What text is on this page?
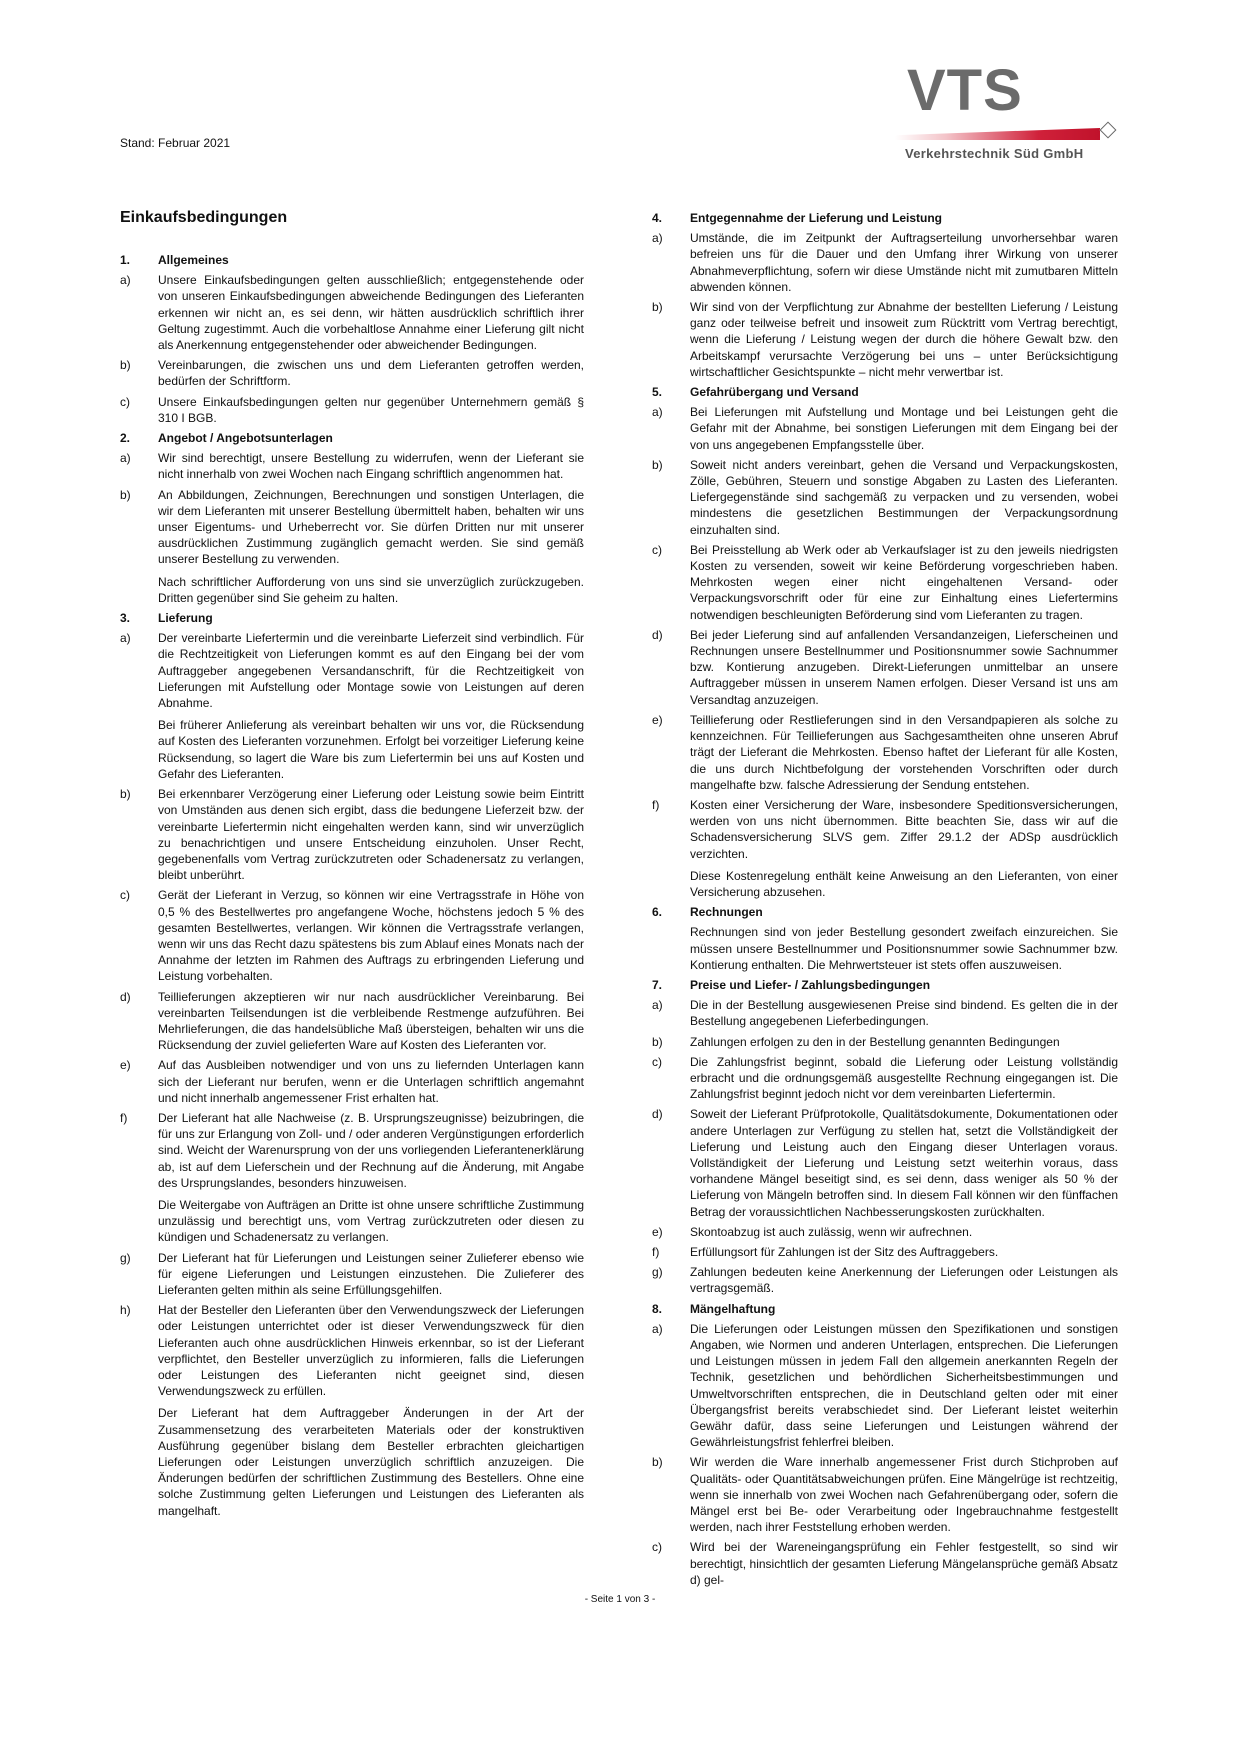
Stand: Februar 2021
VTS
Verkehrstechnik Süd GmbH
Einkaufsbedingungen
1.	Allgemeines
a)	Unsere Einkaufsbedingungen gelten ausschließlich; entgegenstehende oder von unseren Einkaufsbedingungen abweichende Bedingungen des Lieferanten erkennen wir nicht an, es sei denn, wir hätten ausdrücklich schriftlich ihrer Geltung zugestimmt. Auch die vorbehaltlose Annahme einer Lieferung gilt nicht als Anerkennung entgegenstehender oder abweichender Bedingungen.

b)	Vereinbarungen, die zwischen uns und dem Lieferanten getroffen werden, bedürfen der Schriftform.

c)	Unsere Einkaufsbedingungen gelten nur gegenüber Unternehmern gemäß § 310 I BGB.

2.	Angebot / Angebotsunterlagen
a)	Wir sind berechtigt, unsere Bestellung zu widerrufen, wenn der Lieferant sie nicht innerhalb von zwei Wochen nach Eingang schriftlich angenommen hat.

b)	An Abbildungen, Zeichnungen, Berechnungen und sonstigen Unterlagen, die wir dem Lieferanten mit unserer Bestellung übermittelt haben, behalten wir uns unser Eigentums- und Urheberrecht vor. Sie dürfen Dritten nur mit unserer ausdrücklichen Zustimmung zugänglich gemacht werden. Sie sind gemäß unserer Bestellung zu verwenden.

Nach schriftlicher Aufforderung von uns sind sie unverzüglich zurückzugeben. Dritten gegenüber sind Sie geheim zu halten.

3.	Lieferung
a)	Der vereinbarte Liefertermin und die vereinbarte Lieferzeit sind verbindlich. Für die Rechtzeitigkeit von Lieferungen kommt es auf den Eingang bei der vom Auftraggeber angegebenen Versandanschrift, für die Rechtzeitigkeit von Lieferungen mit Aufstellung oder Montage sowie von Leistungen auf deren Abnahme.

Bei früherer Anlieferung als vereinbart behalten wir uns vor, die Rücksendung auf Kosten des Lieferanten vorzunehmen. Erfolgt bei vorzeitiger Lieferung keine Rücksendung, so lagert die Ware bis zum Liefertermin bei uns auf Kosten und Gefahr des Lieferanten.

b)	Bei erkennbarer Verzögerung einer Lieferung oder Leistung sowie beim Eintritt von Umständen aus denen sich ergibt, dass die bedungene Lieferzeit bzw. der vereinbarte Liefertermin nicht eingehalten werden kann, sind wir unverzüglich zu benachrichtigen und unsere Entscheidung einzuholen. Unser Recht, gegebenenfalls vom Vertrag zurückzutreten oder Schadenersatz zu verlangen, bleibt unberührt.

c)	Gerät der Lieferant in Verzug, so können wir eine Vertragsstrafe in Höhe von 0,5 % des Bestellwertes pro angefangene Woche, höchstens jedoch 5 % des gesamten Bestellwertes, verlangen. Wir können die Vertragsstrafe verlangen, wenn wir uns das Recht dazu spätestens bis zum Ablauf eines Monats nach der Annahme der letzten im Rahmen des Auftrags zu erbringenden Lieferung und Leistung vorbehalten.

d)	Teillieferungen akzeptieren wir nur nach ausdrücklicher Vereinbarung. Bei vereinbarten Teilsendungen ist die verbleibende Restmenge aufzuführen. Bei Mehrlieferungen, die das handelsübliche Maß übersteigen, behalten wir uns die Rücksendung der zuviel gelieferten Ware auf Kosten des Lieferanten vor.

e)	Auf das Ausbleiben notwendiger und von uns zu liefernden Unterlagen kann sich der Lieferant nur berufen, wenn er die Unterlagen schriftlich angemahnt und nicht innerhalb angemessener Frist erhalten hat.

f)	Der Lieferant hat alle Nachweise (z. B. Ursprungszeugnisse) beizubringen, die für uns zur Erlangung von Zoll- und / oder anderen Vergünstigungen erforderlich sind. Weicht der Warenursprung von der uns vorliegenden Lieferantenerklärung ab, ist auf dem Lieferschein und der Rechnung auf die Änderung, mit Angabe des Ursprungslandes, besonders hinzuweisen.

Die Weitergabe von Aufträgen an Dritte ist ohne unsere schriftliche Zustimmung unzulässig und berechtigt uns, vom Vertrag zurückzutreten oder diesen zu kündigen und Schadenersatz zu verlangen.

g)	Der Lieferant hat für Lieferungen und Leistungen seiner Zulieferer ebenso wie für eigene Lieferungen und Leistungen einzustehen. Die Zulieferer des Lieferanten gelten mithin als seine Erfüllungsgehilfen.

h)	Hat der Besteller den Lieferanten über den Verwendungszweck der Lieferungen oder Leistungen unterrichtet oder ist dieser Verwendungszweck für dien Lieferanten auch ohne ausdrücklichen Hinweis erkennbar, so ist der Lieferant verpflichtet, den Besteller unverzüglich zu informieren, falls die Lieferungen oder Leistungen des Lieferanten nicht geeignet sind, diesen Verwendungszweck zu erfüllen.

Der Lieferant hat dem Auftraggeber Änderungen in der Art der Zusammensetzung des verarbeiteten Materials oder der konstruktiven Ausführung gegenüber bislang dem Besteller erbrachten gleichartigen Lieferungen oder Leistungen unverzüglich schriftlich anzuzeigen. Die Änderungen bedürfen der schriftlichen Zustimmung des Bestellers. Ohne eine solche Zustimmung gelten Lieferungen und Leistungen des Lieferanten als mangelhaft.

4.	Entgegennahme der Lieferung und Leistung
a)	Umstände, die im Zeitpunkt der Auftragserteilung unvorhersehbar waren befreien uns für die Dauer und den Umfang ihrer Wirkung von unserer Abnahmeverpflichtung, sofern wir diese Umstände nicht mit zumutbaren Mitteln abwenden können.

b)	Wir sind von der Verpflichtung zur Abnahme der bestellten Lieferung / Leistung ganz oder teilweise befreit und insoweit zum Rücktritt vom Vertrag berechtigt, wenn die Lieferung / Leistung wegen der durch die höhere Gewalt bzw. den Arbeitskampf verursachte Verzögerung bei uns – unter Berücksichtigung wirtschaftlicher Gesichtspunkte – nicht mehr verwertbar ist.

5.	Gefahrübergang und Versand
a)	Bei Lieferungen mit Aufstellung und Montage und bei Leistungen geht die Gefahr mit der Abnahme, bei sonstigen Lieferungen mit dem Eingang bei der von uns angegebenen Empfangsstelle über.

b)	Soweit nicht anders vereinbart, gehen die Versand und Verpackungskosten, Zölle, Gebühren, Steuern und sonstige Abgaben zu Lasten des Lieferanten. Liefergegenstände sind sachgemäß zu verpacken und zu versenden, wobei mindestens die gesetzlichen Bestimmungen der Verpackungsordnung einzuhalten sind.

c)	Bei Preisstellung ab Werk oder ab Verkaufslager ist zu den jeweils niedrigsten Kosten zu versenden, soweit wir keine Beförderung vorgeschrieben haben. Mehrkosten wegen einer nicht eingehaltenen Versand- oder Verpackungsvorschrift oder für eine zur Einhaltung eines Liefertermins notwendigen beschleunigten Beförderung sind vom Lieferanten zu tragen.

d)	Bei jeder Lieferung sind auf anfallenden Versandanzeigen, Lieferscheinen und Rechnungen unsere Bestellnummer und Positionsnummer sowie Sachnummer bzw. Kontierung anzugeben. Direkt-Lieferungen unmittelbar an unsere Auftraggeber müssen in unserem Namen erfolgen. Dieser Versand ist uns am Versandtag anzuzeigen.

e)	Teillieferung oder Restlieferungen sind in den Versandpapieren als solche zu kennzeichnen. Für Teillieferungen aus Sachgesamtheiten ohne unseren Abruf trägt der Lieferant die Mehrkosten. Ebenso haftet der Lieferant für alle Kosten, die uns durch Nichtbefolgung der vorstehenden Vorschriften oder durch mangelhafte bzw. falsche Adressierung der Sendung entstehen.

f)	Kosten einer Versicherung der Ware, insbesondere Speditionsversicherungen, werden von uns nicht übernommen. Bitte beachten Sie, dass wir auf die Schadensversicherung SLVS gem. Ziffer 29.1.2 der ADSp ausdrücklich verzichten.

Diese Kostenregelung enthält keine Anweisung an den Lieferanten, von einer Versicherung abzusehen.

6.	Rechnungen

Rechnungen sind von jeder Bestellung gesondert zweifach einzureichen. Sie müssen unsere Bestellnummer und Positionsnummer sowie Sachnummer bzw. Kontierung enthalten. Die Mehrwertsteuer ist stets offen auszuweisen.

7.	Preise und Liefer- / Zahlungsbedingungen
a)	Die in der Bestellung ausgewiesenen Preise sind bindend. Es gelten die in der Bestellung angegebenen Lieferbedingungen.

b)	Zahlungen erfolgen zu den in der Bestellung genannten Bedingungen

c)	Die Zahlungsfrist beginnt, sobald die Lieferung oder Leistung vollständig erbracht und die ordnungsgemäß ausgestellte Rechnung eingegangen ist. Die Zahlungsfrist beginnt jedoch nicht vor dem vereinbarten Liefertermin.

d)	Soweit der Lieferant Prüfprotokolle, Qualitätsdokumente, Dokumentationen oder andere Unterlagen zur Verfügung zu stellen hat, setzt die Vollständigkeit der Lieferung und Leistung auch den Eingang dieser Unterlagen voraus. Vollständigkeit der Lieferung und Leistung setzt weiterhin voraus, dass vorhandene Mängel beseitigt sind, es sei denn, dass weniger als 50 % der Lieferung von Mängeln betroffen sind. In diesem Fall können wir den fünffachen Betrag der voraussichtlichen Nachbesserungskosten zurückhalten.

e)	Skontoabzug ist auch zulässig, wenn wir aufrechnen.

f)	Erfüllungsort für Zahlungen ist der Sitz des Auftraggebers.

g)	Zahlungen bedeuten keine Anerkennung der Lieferungen oder Leistungen als vertragsgemäß.

8.	Mängelhaftung
a)	Die Lieferungen oder Leistungen müssen den Spezifikationen und sonstigen Angaben, wie Normen und anderen Unterlagen, entsprechen. Die Lieferungen und Leistungen müssen in jedem Fall den allgemein anerkannten Regeln der Technik, gesetzlichen und behördlichen Sicherheitsbestimmungen und Umweltvorschriften entsprechen, die in Deutschland gelten oder mit einer Übergangsfrist bereits verabschiedet sind. Der Lieferant leistet weiterhin Gewähr dafür, dass seine Lieferungen und Leistungen während der Gewährleistungsfrist fehlerfrei bleiben.

b)	Wir werden die Ware innerhalb angemessener Frist durch Stichproben auf Qualitäts- oder Quantitätsabweichungen prüfen. Eine Mängelrüge ist rechtzeitig, wenn sie innerhalb von zwei Wochen nach Gefahrenübergang oder, sofern die Mängel erst bei Be- oder Verarbeitung oder Ingebrauchnahme festgestellt werden, nach ihrer Feststellung erhoben werden.

c)	Wird bei der Wareneingangsprüfung ein Fehler festgestellt, so sind wir berechtigt, hinsichtlich der gesamten Lieferung Mängelansprüche gemäß Absatz d) gel-

- Seite 1 von 3 -
